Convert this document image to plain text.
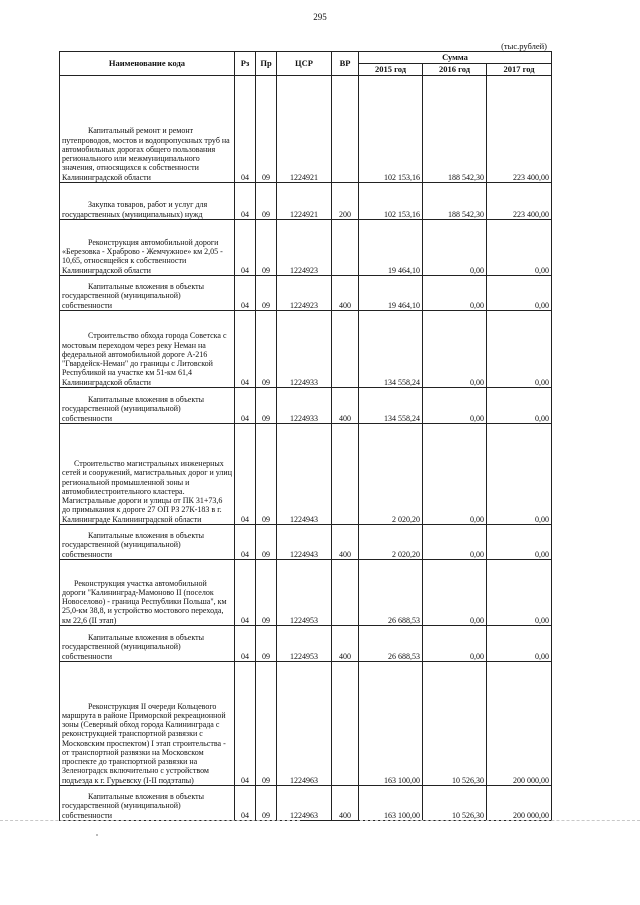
295
(тыс.рублей)
Наименование кода	Рз	Пр	ЦСР	ВР	Сумма		
					2015 год	2016 год	2017 год
Капитальный ремонт и ремонт путепроводов, мостов и водопропускных труб на автомобильных дорогах общего пользования регионального или межмуниципального значения, относящихся к собственности Калининградской области	04	09	1224921		102 153,16	188 542,30	223 400,00
Закупка товаров, работ и услуг для государственных (муниципальных) нужд	04	09	1224921	200	102 153,16	188 542,30	223 400,00
Реконструкция автомобильной дороги «Березовка - Храброво - Жемчужное» км 2,05 - 10,65, относящейся к собственности Калининградской области	04	09	1224923		19 464,10	0,00	0,00
Капитальные вложения в объекты государственной (муниципальной) собственности	04	09	1224923	400	19 464,10	0,00	0,00
Строительство обхода города Советска с мостовым переходом через реку Неман на федеральной автомобильной дороге А-216 "Гвардейск-Неман" до границы с Литовской Республикой на участке км 51-км 61,4 Калининградской области	04	09	1224933		134 558,24	0,00	0,00
Капитальные вложения в объекты государственной (муниципальной) собственности	04	09	1224933	400	134 558,24	0,00	0,00
Строительство магистральных инженерных сетей и сооружений, магистральных дорог и улиц региональной промышленной зоны и автомобилестроительного кластера. Магистральные дороги и улицы от ПК 31+73,6 до примыкания к дороге 27 ОП РЗ 27К-183 в г. Калининграде Калининградской области	04	09	1224943		2 020,20	0,00	0,00
Капитальные вложения в объекты государственной (муниципальной) собственности	04	09	1224943	400	2 020,20	0,00	0,00
Реконструкция участка автомобильной дороги "Калининград-Мамоново II (поселок Новоселово) - граница Республики Польша", км 25,0-км 38,8, и устройство мостового перехода, км 22,6 (II этап)	04	09	1224953		26 688,53	0,00	0,00
Капитальные вложения в объекты государственной (муниципальной) собственности	04	09	1224953	400	26 688,53	0,00	0,00
Реконструкция II очереди Кольцевого маршрута в районе Приморской рекреационной зоны (Северный обход города Калининграда с реконструкцией транспортной развязки с Московским проспектом) I этап строительства - от транспортной развязки на Московском проспекте до транспортной развязки на Зеленоградск включительно с устройством подъезда к г. Гурьевску (I-II подэтапы)	04	09	1224963		163 100,00	10 526,30	200 000,00
Капитальные вложения в объекты государственной (муниципальной) собственности	04	09	1224963	400	163 100,00	10 526,30	200 000,00
